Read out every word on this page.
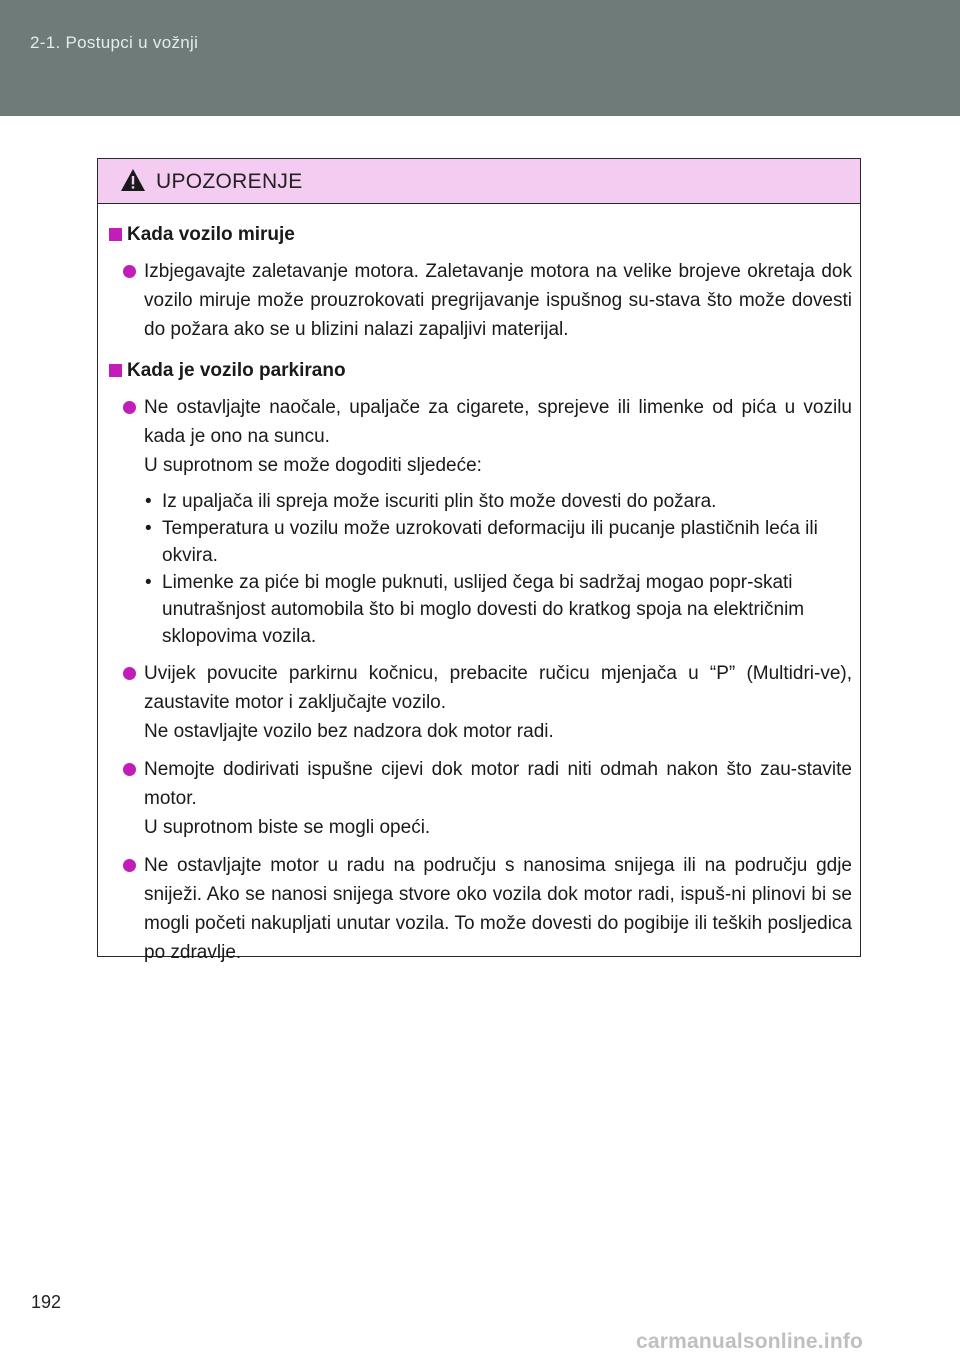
2-1. Postupci u vožnji
UPOZORENJE
Kada vozilo miruje
Izbjegavajte zaletavanje motora. Zaletavanje motora na velike brojeve okretaja dok vozilo miruje može prouzrokovati pregrijavanje ispušnog su-stava što može dovesti do požara ako se u blizini nalazi zapaljivi materijal.
Kada je vozilo parkirano
Ne ostavljajte naočale, upaljače za cigarete, sprejeve ili limenke od pića u vozilu kada je ono na suncu.
U suprotnom se može dogoditi sljedeće:
• Iz upaljača ili spreja može iscuriti plin što može dovesti do požara.
• Temperatura u vozilu može uzrokovati deformaciju ili pucanje plastičnih leća ili okvira.
• Limenke za piće bi mogle puknuti, uslijed čega bi sadržaj mogao popr-skati unutrašnjost automobila što bi moglo dovesti do kratkog spoja na električnim sklopovima vozila.
Uvijek povucite parkirnu kočnicu, prebacite ručicu mjenjača u “P” (Multidri-ve), zaustavite motor i zaključajte vozilo.
Ne ostavljajte vozilo bez nadzora dok motor radi.
Nemojte dodirivati ispušne cijevi dok motor radi niti odmah nakon što zau-stavite motor.
U suprotnom biste se mogli opeći.
Ne ostavljajte motor u radu na području s nanosima snijega ili na području gdje sniježi. Ako se nanosi snijega stvore oko vozila dok motor radi, ispuš-ni plinovi bi se mogli početi nakupljati unutar vozila. To može dovesti do pogibije ili teških posljedica po zdravlje.
192
carmanualsonline.info
